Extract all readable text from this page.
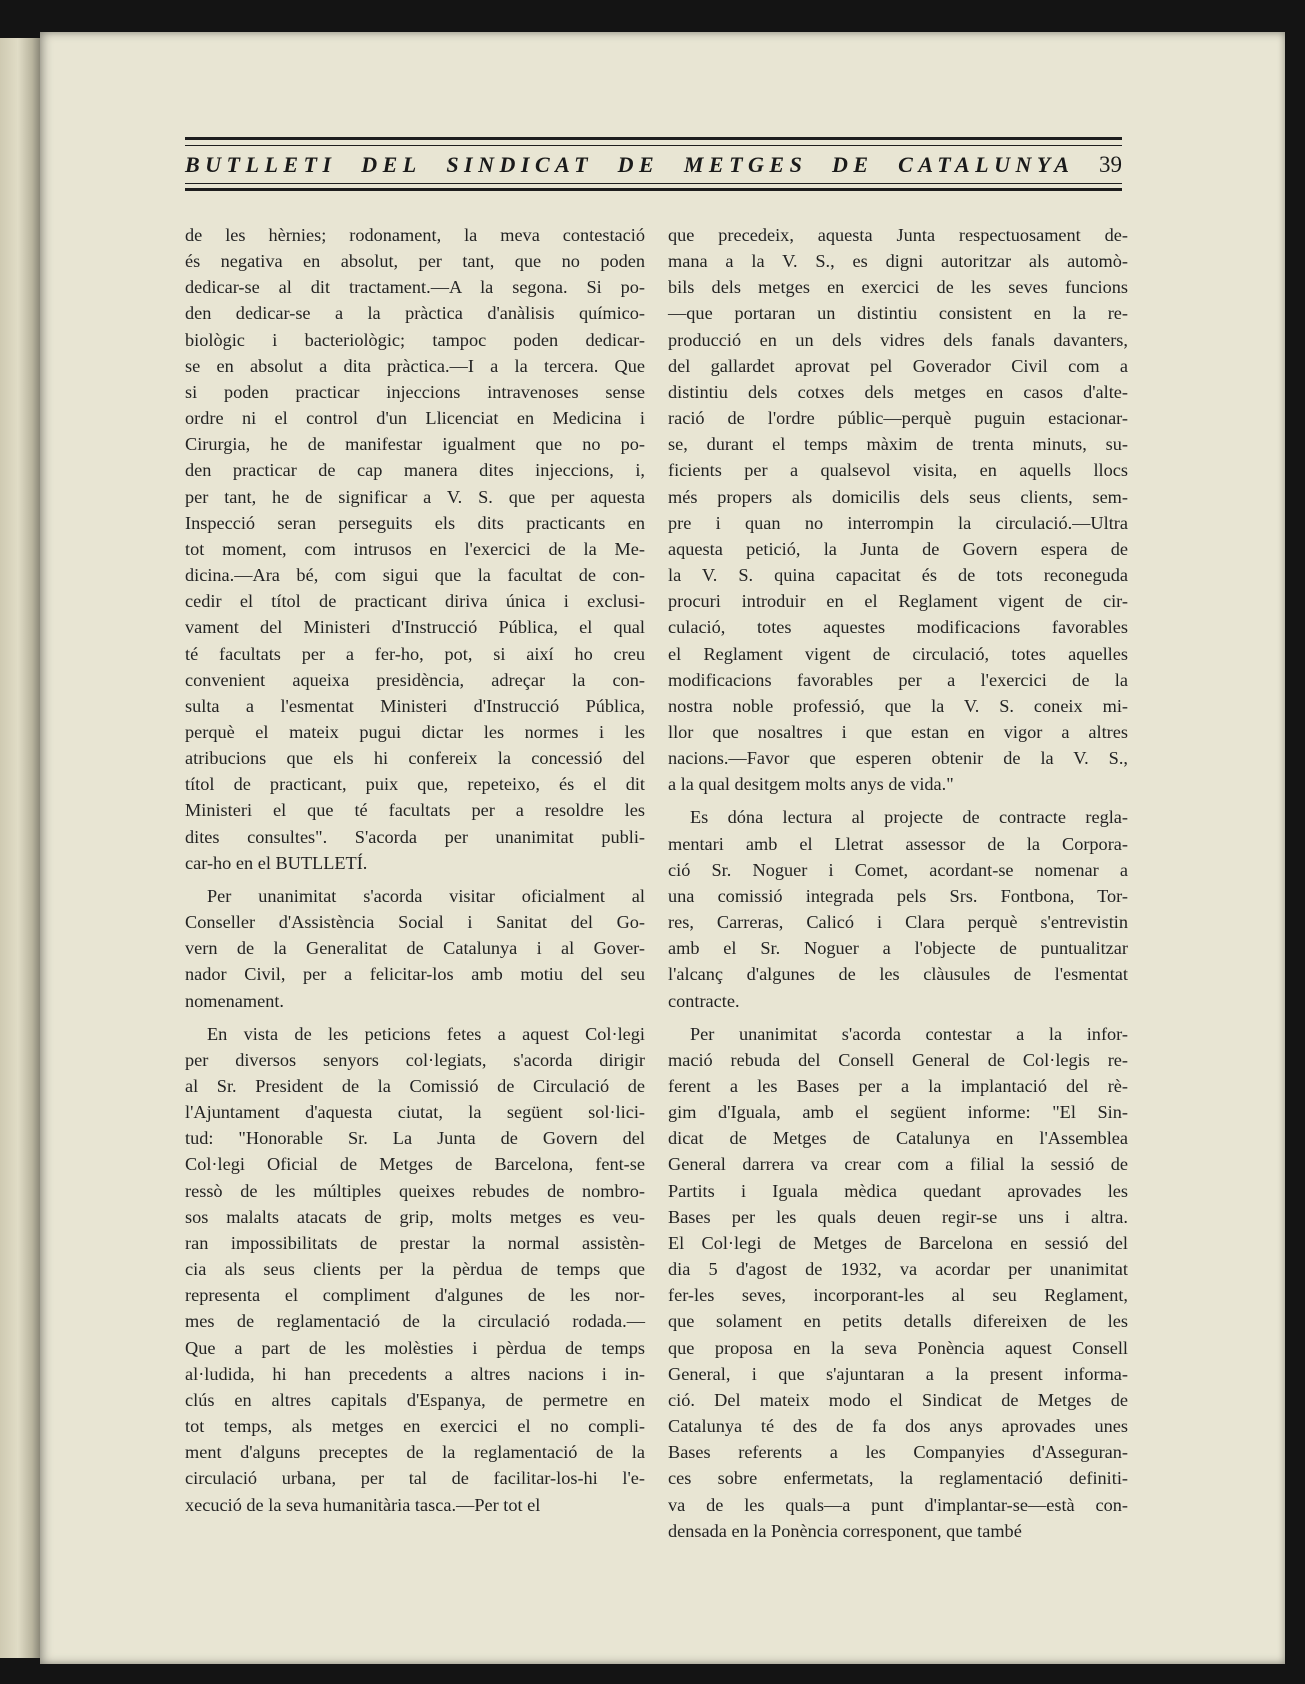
BUTLLETI DEL SINDICAT DE METGES DE CATALUNYA 39

de les hèrnies; rodonament, la meva contestació

és negativa en absolut, per tant, que no poden

dedicar-se al dit tractament.—A la segona. Si po-

den dedicar-se a la pràctica d'anàlisis químico-

biològic i bacteriològic; tampoc poden dedicar-

se en absolut a dita pràctica.—I a la tercera. Que

si poden practicar injeccions intravenoses sense

ordre ni el control d'un Llicenciat en Medicina i

Cirurgia, he de manifestar igualment que no po-

den practicar de cap manera dites injeccions, i,

per tant, he de significar a V. S. que per aquesta

Inspecció seran perseguits els dits practicants en

tot moment, com intrusos en l'exercici de la Me-

dicina.—Ara bé, com sigui que la facultat de con-

cedir el títol de practicant diriva única i exclusi-

vament del Ministeri d'Instrucció Pública, el qual

té facultats per a fer-ho, pot, si així ho creu

convenient aqueixa presidència, adreçar la con-

sulta a l'esmentat Ministeri d'Instrucció Pública,

perquè el mateix pugui dictar les normes i les

atribucions que els hi confereix la concessió del

títol de practicant, puix que, repeteixo, és el dit

Ministeri el que té facultats per a resoldre les

dites consultes". S'acorda per unanimitat publi-

car-ho en el BUTLLETÍ.

Per unanimitat s'acorda visitar oficialment al

Conseller d'Assistència Social i Sanitat del Go-

vern de la Generalitat de Catalunya i al Gover-

nador Civil, per a felicitar-los amb motiu del seu

nomenament.

En vista de les peticions fetes a aquest Col·legi

per diversos senyors col·legiats, s'acorda dirigir

al Sr. President de la Comissió de Circulació de

l'Ajuntament d'aquesta ciutat, la següent sol·lici-

tud: "Honorable Sr. La Junta de Govern del

Col·legi Oficial de Metges de Barcelona, fent-se

ressò de les múltiples queixes rebudes de nombro-

sos malalts atacats de grip, molts metges es veu-

ran impossibilitats de prestar la normal assistèn-

cia als seus clients per la pèrdua de temps que

representa el compliment d'algunes de les nor-

mes de reglamentació de la circulació rodada.—

Que a part de les molèsties i pèrdua de temps

al·ludida, hi han precedents a altres nacions i in-

clús en altres capitals d'Espanya, de permetre en

tot temps, als metges en exercici el no compli-

ment d'alguns preceptes de la reglamentació de la

circulació urbana, per tal de facilitar-los-hi l'e-

xecució de la seva humanitària tasca.—Per tot el

que precedeix, aquesta Junta respectuosament de-

mana a la V. S., es digni autoritzar als automò-

bils dels metges en exercici de les seves funcions

—que portaran un distintiu consistent en la re-

producció en un dels vidres dels fanals davanters,

del gallardet aprovat pel Goverador Civil com a

distintiu dels cotxes dels metges en casos d'alte-

ració de l'ordre públic—perquè puguin estacionar-

se, durant el temps màxim de trenta minuts, su-

ficients per a qualsevol visita, en aquells llocs

més propers als domicilis dels seus clients, sem-

pre i quan no interrompin la circulació.—Ultra

aquesta petició, la Junta de Govern espera de

la V. S. quina capacitat és de tots reconeguda

procuri introduir en el Reglament vigent de cir-

culació, totes aquestes modificacions favorables

el Reglament vigent de circulació, totes aquelles

modificacions favorables per a l'exercici de la

nostra noble professió, que la V. S. coneix mi-

llor que nosaltres i que estan en vigor a altres

nacions.—Favor que esperen obtenir de la V. S.,

a la qual desitgem molts anys de vida."

Es dóna lectura al projecte de contracte regla-

mentari amb el Lletrat assessor de la Corpora-

ció Sr. Noguer i Comet, acordant-se nomenar a

una comissió integrada pels Srs. Fontbona, Tor-

res, Carreras, Calicó i Clara perquè s'entrevistin

amb el Sr. Noguer a l'objecte de puntualitzar

l'alcanç d'algunes de les clàusules de l'esmentat

contracte.

Per unanimitat s'acorda contestar a la infor-

mació rebuda del Consell General de Col·legis re-

ferent a les Bases per a la implantació del rè-

gim d'Iguala, amb el següent informe: "El Sin-

dicat de Metges de Catalunya en l'Assemblea

General darrera va crear com a filial la sessió de

Partits i Iguala mèdica quedant aprovades les

Bases per les quals deuen regir-se uns i altra.

El Col·legi de Metges de Barcelona en sessió del

dia 5 d'agost de 1932, va acordar per unanimitat

fer-les seves, incorporant-les al seu Reglament,

que solament en petits detalls difereixen de les

que proposa en la seva Ponència aquest Consell

General, i que s'ajuntaran a la present informa-

ció. Del mateix modo el Sindicat de Metges de

Catalunya té des de fa dos anys aprovades unes

Bases referents a les Companyies d'Asseguran-

ces sobre enfermetats, la reglamentació definiti-

va de les quals—a punt d'implantar-se—està con-

densada en la Ponència corresponent, que també
